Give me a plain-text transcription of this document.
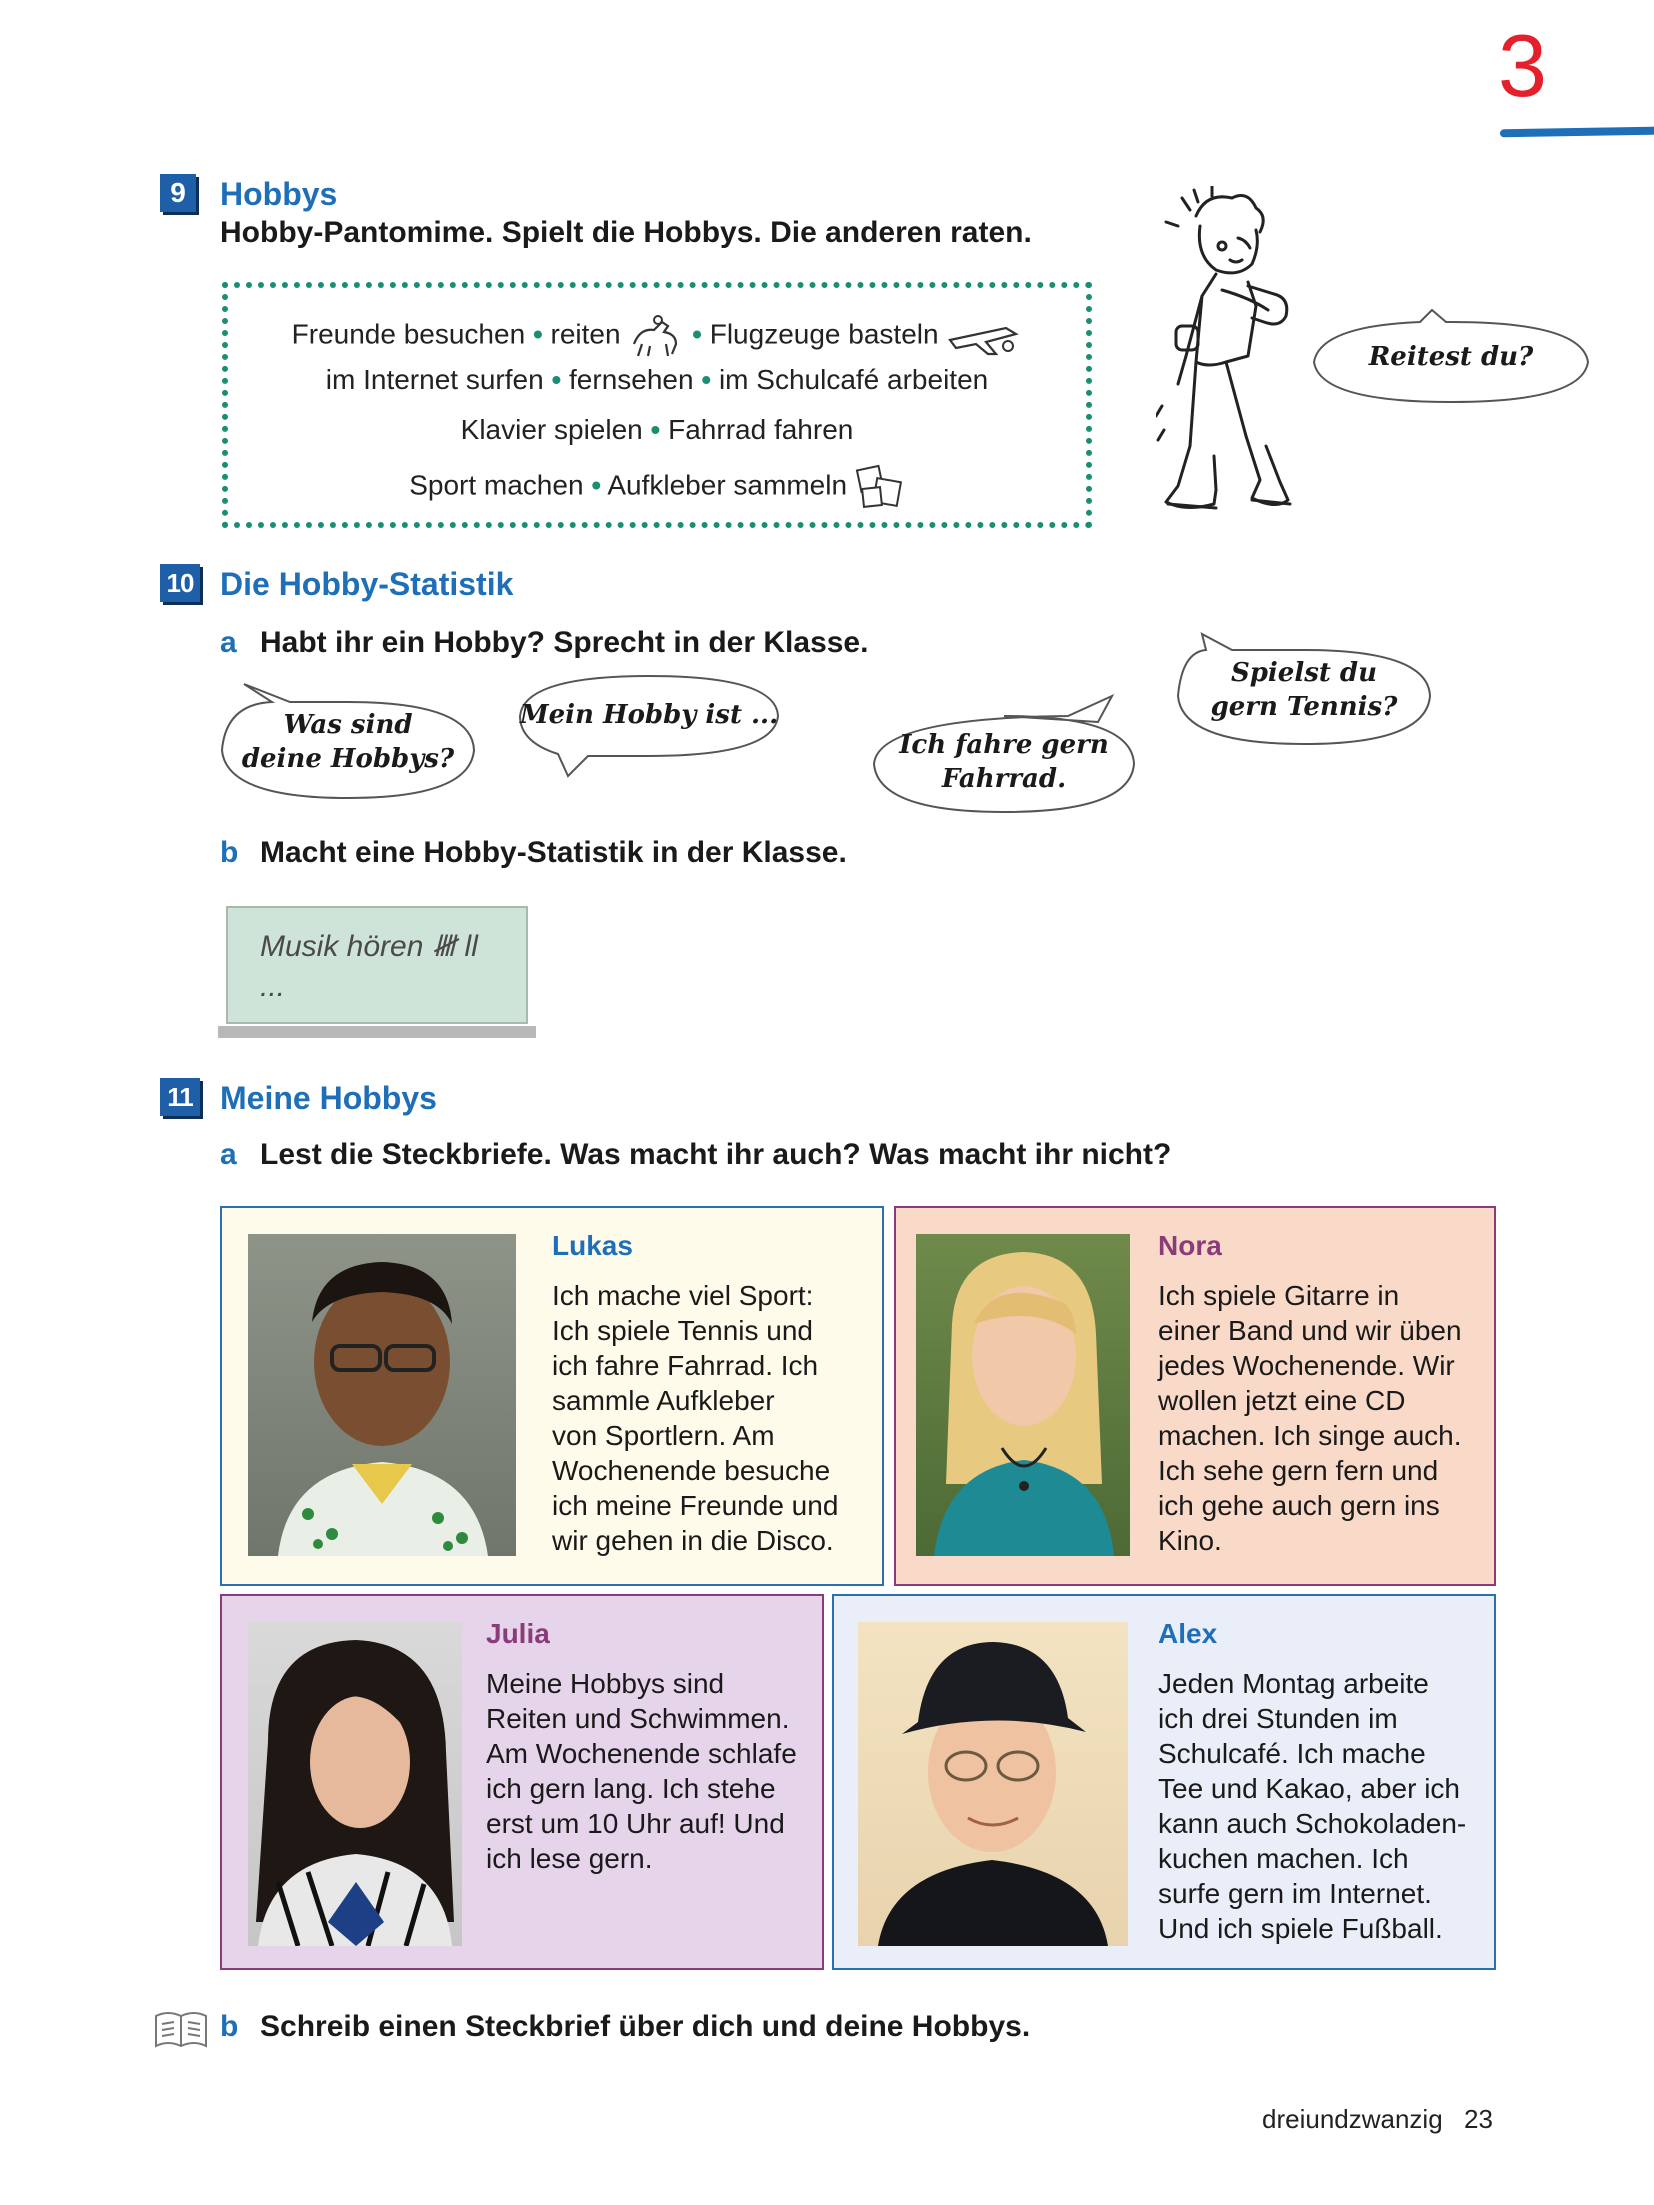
3
9	Hobbys
Hobby-Pantomime. Spielt die Hobbys. Die anderen raten.
Freunde besuchen • reiten	• Flugzeuge basteln
im Internet surfen • fernsehen • im Schulcafé arbeiten
Klavier spielen • Fahrrad fahren
Sport machen • Aufkleber sammeln
Reitest du?
10 Die Hobby-Statistik
a Habt ihr ein Hobby? Sprecht in der Klasse.
Was sind
deine Hobbys?
Mein Hobby ist ...
Ich fahre gern
Fahrrad.
Spielst du
gern Tennis?
b Macht eine Hobby-Statistik in der Klasse.
Musik hören 𝍸 ll
...
11 Meine Hobbys
a Lest die Steckbriefe. Was macht ihr auch? Was macht ihr nicht?
Lukas
Ich mache viel Sport:
Ich spiele Tennis und
ich fahre Fahrrad. Ich
sammle Aufkleber
von Sportlern. Am
Wochenende besuche
ich meine Freunde und
wir gehen in die Disco.
Nora
Ich spiele Gitarre in
einer Band und wir üben
jedes Wochenende. Wir
wollen jetzt eine CD
machen. Ich singe auch.
Ich sehe gern fern und
ich gehe auch gern ins
Kino.
Julia
Meine Hobbys sind
Reiten und Schwimmen.
Am Wochenende schlafe
ich gern lang. Ich stehe
erst um 10 Uhr auf! Und
ich lese gern.
Alex
Jeden Montag arbeite
ich drei Stunden im
Schulcafé. Ich mache
Tee und Kakao, aber ich
kann auch Schokoladen-
kuchen machen. Ich
surfe gern im Internet.
Und ich spiele Fußball.
b Schreib einen Steckbrief über dich und deine Hobbys.
dreiundzwanzig 23
